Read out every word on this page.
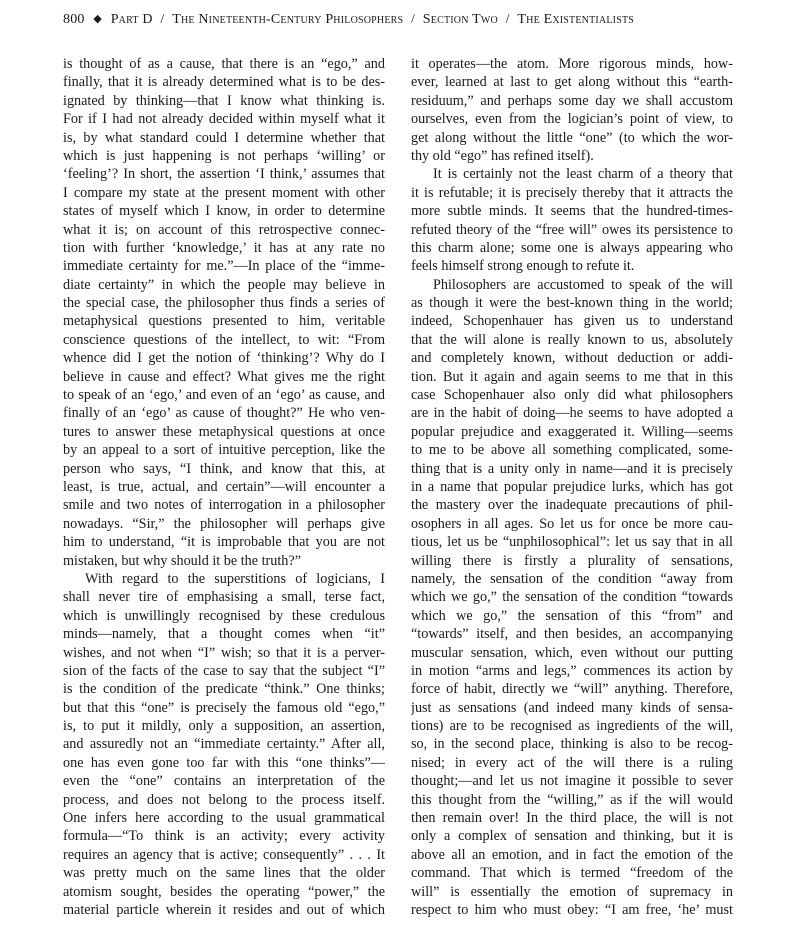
800 ◆ Part D / The Nineteenth-Century Philosophers / Section Two / The Existentialists
is thought of as a cause, that there is an “ego,” and
finally, that it is already determined what is to be des-
ignated by thinking—that I know what thinking is.
For if I had not already decided within myself what it
is, by what standard could I determine whether that
which is just happening is not perhaps ‘willing’ or
‘feeling’? In short, the assertion ‘I think,’ assumes that
I compare my state at the present moment with other
states of myself which I know, in order to determine
what it is; on account of this retrospective connec-
tion with further ‘knowledge,’ it has at any rate no
immediate certainty for me.”—In place of the “imme-
diate certainty” in which the people may believe in
the special case, the philosopher thus finds a series of
metaphysical questions presented to him, veritable
conscience questions of the intellect, to wit: “From
whence did I get the notion of ‘thinking’? Why do I
believe in cause and effect? What gives me the right
to speak of an ‘ego,’ and even of an ‘ego’ as cause, and
finally of an ‘ego’ as cause of thought?” He who ven-
tures to answer these metaphysical questions at once
by an appeal to a sort of intuitive perception, like the
person who says, “I think, and know that this, at
least, is true, actual, and certain”—will encounter a
smile and two notes of interrogation in a philosopher
nowadays. “Sir,” the philosopher will perhaps give
him to understand, “it is improbable that you are not
mistaken, but why should it be the truth?”
With regard to the superstitions of logicians, I
shall never tire of emphasising a small, terse fact,
which is unwillingly recognised by these credulous
minds—namely, that a thought comes when “it”
wishes, and not when “I” wish; so that it is a perver-
sion of the facts of the case to say that the subject “I”
is the condition of the predicate “think.” One thinks;
but that this “one” is precisely the famous old “ego,”
is, to put it mildly, only a supposition, an assertion,
and assuredly not an “immediate certainty.” After all,
one has even gone too far with this “one thinks”—
even the “one” contains an interpretation of the
process, and does not belong to the process itself.
One infers here according to the usual grammatical
formula—“To think is an activity; every activity
requires an agency that is active; consequently” . . . It
was pretty much on the same lines that the older
atomism sought, besides the operating “power,” the
material particle wherein it resides and out of which
it operates—the atom. More rigorous minds, how-
ever, learned at last to get along without this “earth-
residuum,” and perhaps some day we shall accustom
ourselves, even from the logician’s point of view, to
get along without the little “one” (to which the wor-
thy old “ego” has refined itself).
It is certainly not the least charm of a theory that
it is refutable; it is precisely thereby that it attracts the
more subtle minds. It seems that the hundred-times-
refuted theory of the “free will” owes its persistence to
this charm alone; some one is always appearing who
feels himself strong enough to refute it.
Philosophers are accustomed to speak of the will
as though it were the best-known thing in the world;
indeed, Schopenhauer has given us to understand
that the will alone is really known to us, absolutely
and completely known, without deduction or addi-
tion. But it again and again seems to me that in this
case Schopenhauer also only did what philosophers
are in the habit of doing—he seems to have adopted a
popular prejudice and exaggerated it. Willing—seems
to me to be above all something complicated, some-
thing that is a unity only in name—and it is precisely
in a name that popular prejudice lurks, which has got
the mastery over the inadequate precautions of phil-
osophers in all ages. So let us for once be more cau-
tious, let us be “unphilosophical”: let us say that in all
willing there is firstly a plurality of sensations,
namely, the sensation of the condition “away from
which we go,” the sensation of the condition “towards
which we go,” the sensation of this “from” and
“towards” itself, and then besides, an accompanying
muscular sensation, which, even without our putting
in motion “arms and legs,” commences its action by
force of habit, directly we “will” anything. Therefore,
just as sensations (and indeed many kinds of sensa-
tions) are to be recognised as ingredients of the will,
so, in the second place, thinking is also to be recog-
nised; in every act of the will there is a ruling
thought;—and let us not imagine it possible to sever
this thought from the “willing,” as if the will would
then remain over! In the third place, the will is not
only a complex of sensation and thinking, but it is
above all an emotion, and in fact the emotion of the
command. That which is termed “freedom of the
will” is essentially the emotion of supremacy in
respect to him who must obey: “I am free, ‘he’ must
